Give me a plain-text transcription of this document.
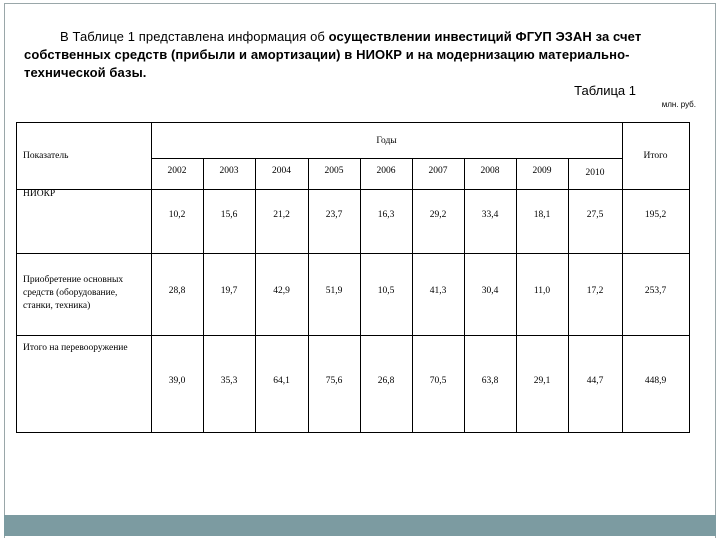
В Таблице 1 представлена информация об осуществлении инвестиций ФГУП ЭЗАН за счет собственных средств (прибыли и амортизации) в НИОКР и на модернизацию материально-технической базы.
Таблица 1
млн. руб.
Показатель
Годы
Итого
2002	2003	2004	2005	2006	2007	2008	2009	2010
НИОКР
10,2	15,6	21,2	23,7	16,3	29,2	33,4	18,1	27,5	195,2
Приобретение основных средств (оборудование, станки, техника)
28,8	19,7	42,9	51,9	10,5	41,3	30,4	11,0	17,2	253,7
Итого на перевооружение
39,0	35,3	64,1	75,6	26,8	70,5	63,8	29,1	44,7	448,9
